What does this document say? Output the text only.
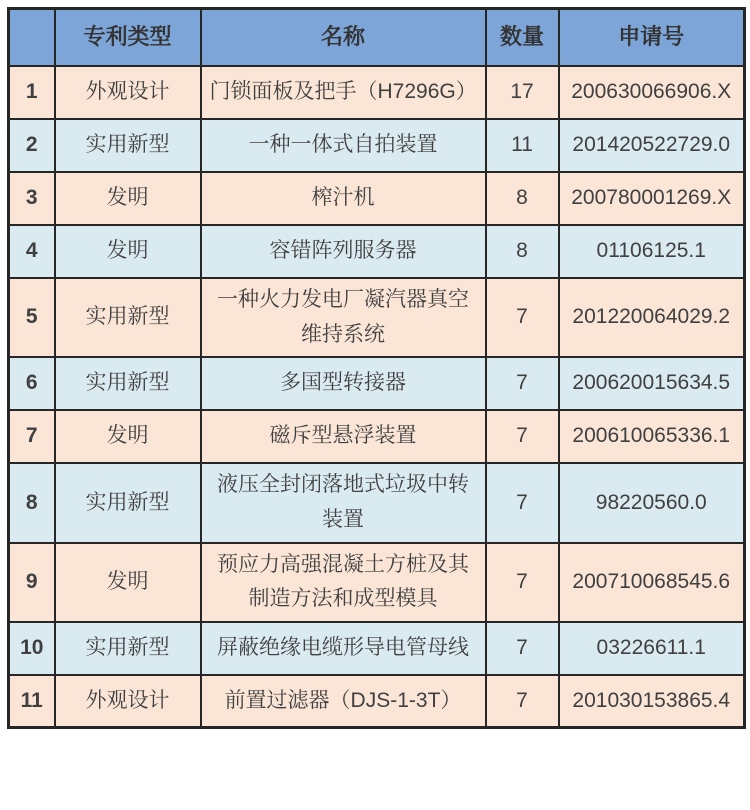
	专利类型	名称	数量	申请号
1	外观设计	门锁面板及把手（H7296G）	17	200630066906.X
2	实用新型	一种一体式自拍装置	11	201420522729.0
3	发明	榨汁机	8	200780001269.X
4	发明	容错阵列服务器	8	01106125.1
5	实用新型	一种火力发电厂凝汽器真空维持系统	7	201220064029.2
6	实用新型	多国型转接器	7	200620015634.5
7	发明	磁斥型悬浮装置	7	200610065336.1
8	实用新型	液压全封闭落地式垃圾中转装置	7	98220560.0
9	发明	预应力高强混凝土方桩及其制造方法和成型模具	7	200710068545.6
10	实用新型	屏蔽绝缘电缆形导电管母线	7	03226611.1
11	外观设计	前置过滤器（DJS-1-3T）	7	201030153865.4
